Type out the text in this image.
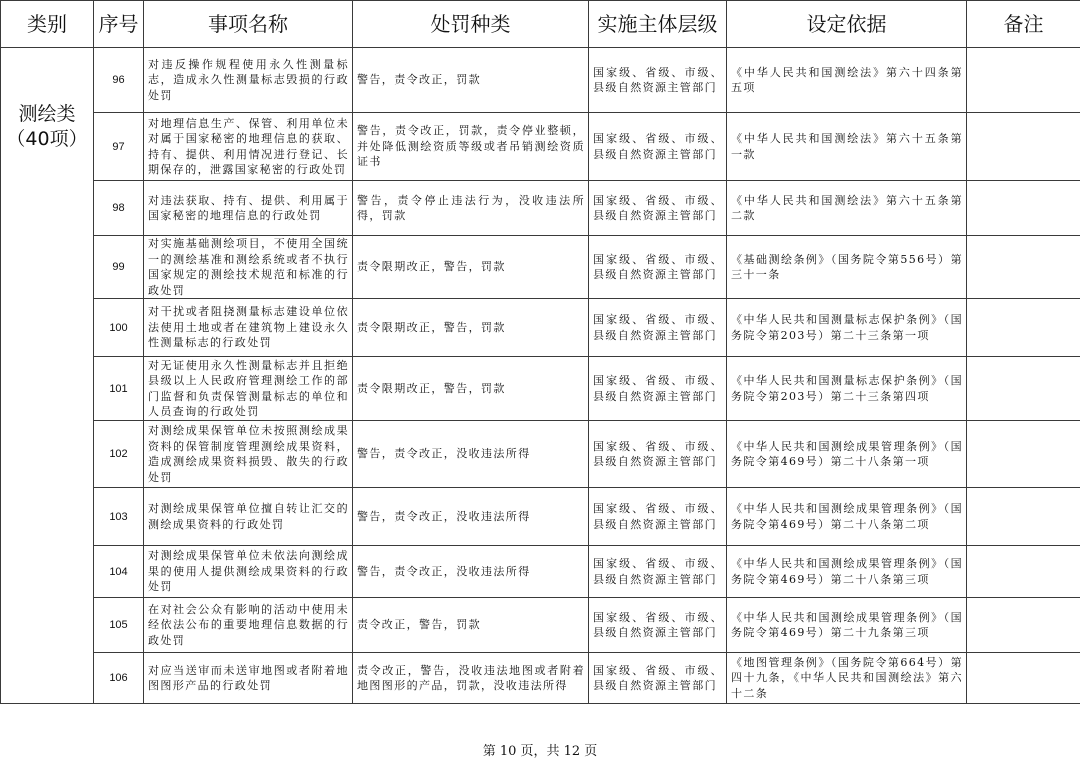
类别	序号	事项名称	处罚种类	实施主体层级	设定依据	备注

测绘类
（40项）	96	对违反操作规程使用永久性测量标志，造成永久性测量标志毁损的行政处罚	警告，责令改正，罚款	国家级、省级、市级、县级自然资源主管部门	《中华人民共和国测绘法》第六十四条第五项	
	97	对地理信息生产、保管、利用单位未对属于国家秘密的地理信息的获取、持有、提供、利用情况进行登记、长期保存的，泄露国家秘密的行政处罚	警告，责令改正，罚款，责令停业整顿，并处降低测绘资质等级或者吊销测绘资质证书	国家级、省级、市级、县级自然资源主管部门	《中华人民共和国测绘法》第六十五条第一款	
	98	对违法获取、持有、提供、利用属于国家秘密的地理信息的行政处罚	警告，责令停止违法行为，没收违法所得，罚款	国家级、省级、市级、县级自然资源主管部门	《中华人民共和国测绘法》第六十五条第二款	
	99	对实施基础测绘项目，不使用全国统一的测绘基准和测绘系统或者不执行国家规定的测绘技术规范和标准的行政处罚	责令限期改正，警告，罚款	国家级、省级、市级、县级自然资源主管部门	《基础测绘条例》（国务院令第556号）第三十一条	
	100	对干扰或者阻挠测量标志建设单位依法使用土地或者在建筑物上建设永久性测量标志的行政处罚	责令限期改正，警告，罚款	国家级、省级、市级、县级自然资源主管部门	《中华人民共和国测量标志保护条例》（国务院令第203号）第二十三条第一项	
	101	对无证使用永久性测量标志并且拒绝县级以上人民政府管理测绘工作的部门监督和负责保管测量标志的单位和人员查询的行政处罚	责令限期改正，警告，罚款	国家级、省级、市级、县级自然资源主管部门	《中华人民共和国测量标志保护条例》（国务院令第203号）第二十三条第四项	
	102	对测绘成果保管单位未按照测绘成果资料的保管制度管理测绘成果资料，造成测绘成果资料损毁、散失的行政处罚	警告，责令改正，没收违法所得	国家级、省级、市级、县级自然资源主管部门	《中华人民共和国测绘成果管理条例》（国务院令第469号）第二十八条第一项	
	103	对测绘成果保管单位擅自转让汇交的测绘成果资料的行政处罚	警告，责令改正，没收违法所得	国家级、省级、市级、县级自然资源主管部门	《中华人民共和国测绘成果管理条例》（国务院令第469号）第二十八条第二项	
	104	对测绘成果保管单位未依法向测绘成果的使用人提供测绘成果资料的行政处罚	警告，责令改正，没收违法所得	国家级、省级、市级、县级自然资源主管部门	《中华人民共和国测绘成果管理条例》（国务院令第469号）第二十八条第三项	
	105	在对社会公众有影响的活动中使用未经依法公布的重要地理信息数据的行政处罚	责令改正，警告，罚款	国家级、省级、市级、县级自然资源主管部门	《中华人民共和国测绘成果管理条例》（国务院令第469号）第二十九条第三项	
	106	对应当送审而未送审地图或者附着地图图形产品的行政处罚	责令改正，警告，没收违法地图或者附着地图图形的产品，罚款，没收违法所得	国家级、省级、市级、县级自然资源主管部门	《地图管理条例》（国务院令第664号）第四十九条，《中华人民共和国测绘法》第六十二条	
第 10 页，共 12 页
